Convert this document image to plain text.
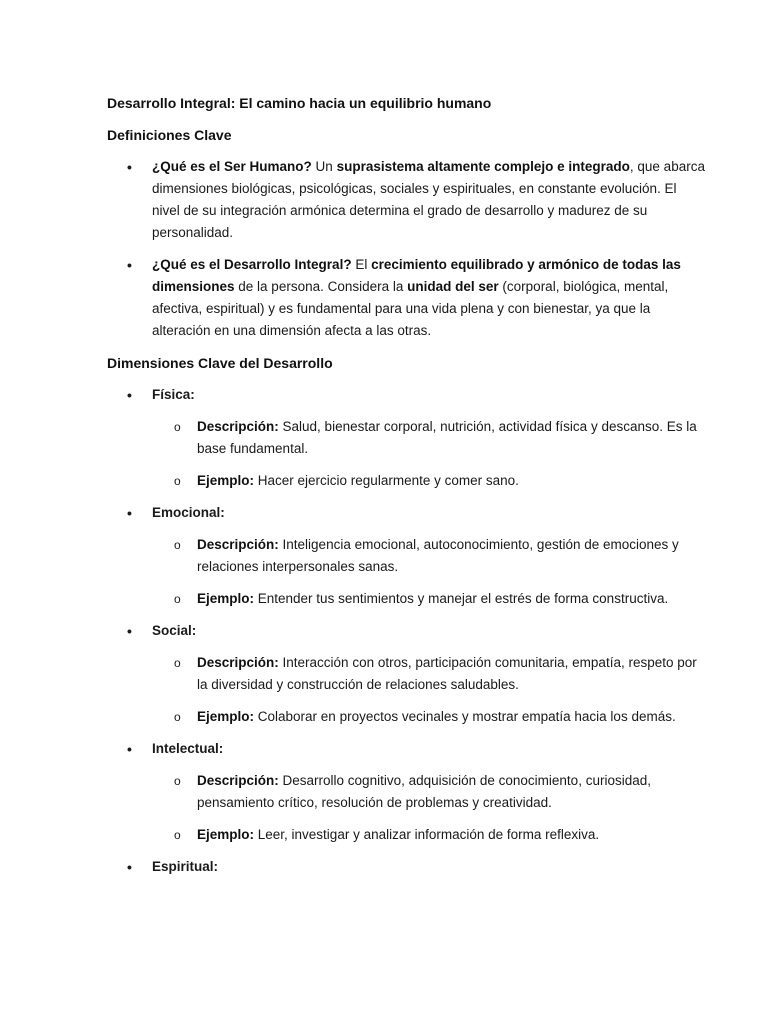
Desarrollo Integral: El camino hacia un equilibrio humano

Definiciones Clave

• ¿Qué es el Ser Humano? Un suprasistema altamente complejo e integrado, que abarca dimensiones biológicas, psicológicas, sociales y espirituales, en constante evolución. El nivel de su integración armónica determina el grado de desarrollo y madurez de su personalidad.
• ¿Qué es el Desarrollo Integral? El crecimiento equilibrado y armónico de todas las dimensiones de la persona. Considera la unidad del ser (corporal, biológica, mental, afectiva, espiritual) y es fundamental para una vida plena y con bienestar, ya que la alteración en una dimensión afecta a las otras.

Dimensiones Clave del Desarrollo

• Física:
o Descripción: Salud, bienestar corporal, nutrición, actividad física y descanso. Es la base fundamental.
o Ejemplo: Hacer ejercicio regularmente y comer sano.
• Emocional:
o Descripción: Inteligencia emocional, autoconocimiento, gestión de emociones y relaciones interpersonales sanas.
o Ejemplo: Entender tus sentimientos y manejar el estrés de forma constructiva.
• Social:
o Descripción: Interacción con otros, participación comunitaria, empatía, respeto por la diversidad y construcción de relaciones saludables.
o Ejemplo: Colaborar en proyectos vecinales y mostrar empatía hacia los demás.
• Intelectual:
o Descripción: Desarrollo cognitivo, adquisición de conocimiento, curiosidad, pensamiento crítico, resolución de problemas y creatividad.
o Ejemplo: Leer, investigar y analizar información de forma reflexiva.
• Espiritual:
